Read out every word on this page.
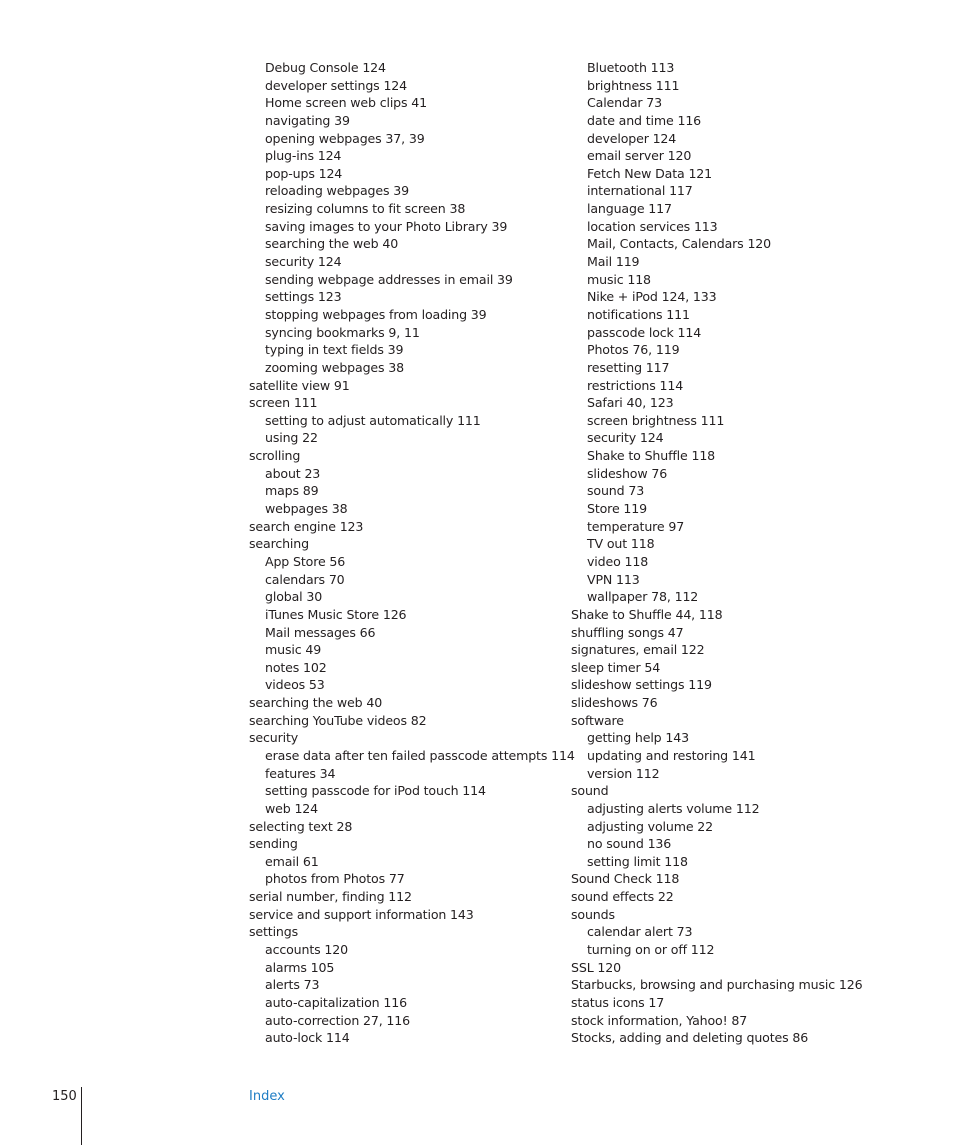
Debug Console 124
developer settings 124
Home screen web clips 41
navigating 39
opening webpages 37, 39
plug-ins 124
pop-ups 124
reloading webpages 39
resizing columns to fit screen 38
saving images to your Photo Library 39
searching the web 40
security 124
sending webpage addresses in email 39
settings 123
stopping webpages from loading 39
syncing bookmarks 9, 11
typing in text fields 39
zooming webpages 38
satellite view 91
screen 111
setting to adjust automatically 111
using 22
scrolling
about 23
maps 89
webpages 38
search engine 123
searching
App Store 56
calendars 70
global 30
iTunes Music Store 126
Mail messages 66
music 49
notes 102
videos 53
searching the web 40
searching YouTube videos 82
security
erase data after ten failed passcode attempts 114
features 34
setting passcode for iPod touch 114
web 124
selecting text 28
sending
email 61
photos from Photos 77
serial number, finding 112
service and support information 143
settings
accounts 120
alarms 105
alerts 73
auto-capitalization 116
auto-correction 27, 116
auto-lock 114
Bluetooth 113
brightness 111
Calendar 73
date and time 116
developer 124
email server 120
Fetch New Data 121
international 117
language 117
location services 113
Mail, Contacts, Calendars 120
Mail 119
music 118
Nike + iPod 124, 133
notifications 111
passcode lock 114
Photos 76, 119
resetting 117
restrictions 114
Safari 40, 123
screen brightness 111
security 124
Shake to Shuffle 118
slideshow 76
sound 73
Store 119
temperature 97
TV out 118
video 118
VPN 113
wallpaper 78, 112
Shake to Shuffle 44, 118
shuffling songs 47
signatures, email 122
sleep timer 54
slideshow settings 119
slideshows 76
software
getting help 143
updating and restoring 141
version 112
sound
adjusting alerts volume 112
adjusting volume 22
no sound 136
setting limit 118
Sound Check 118
sound effects 22
sounds
calendar alert 73
turning on or off 112
SSL 120
Starbucks, browsing and purchasing music 126
status icons 17
stock information, Yahoo! 87
Stocks, adding and deleting quotes 86
150	Index
